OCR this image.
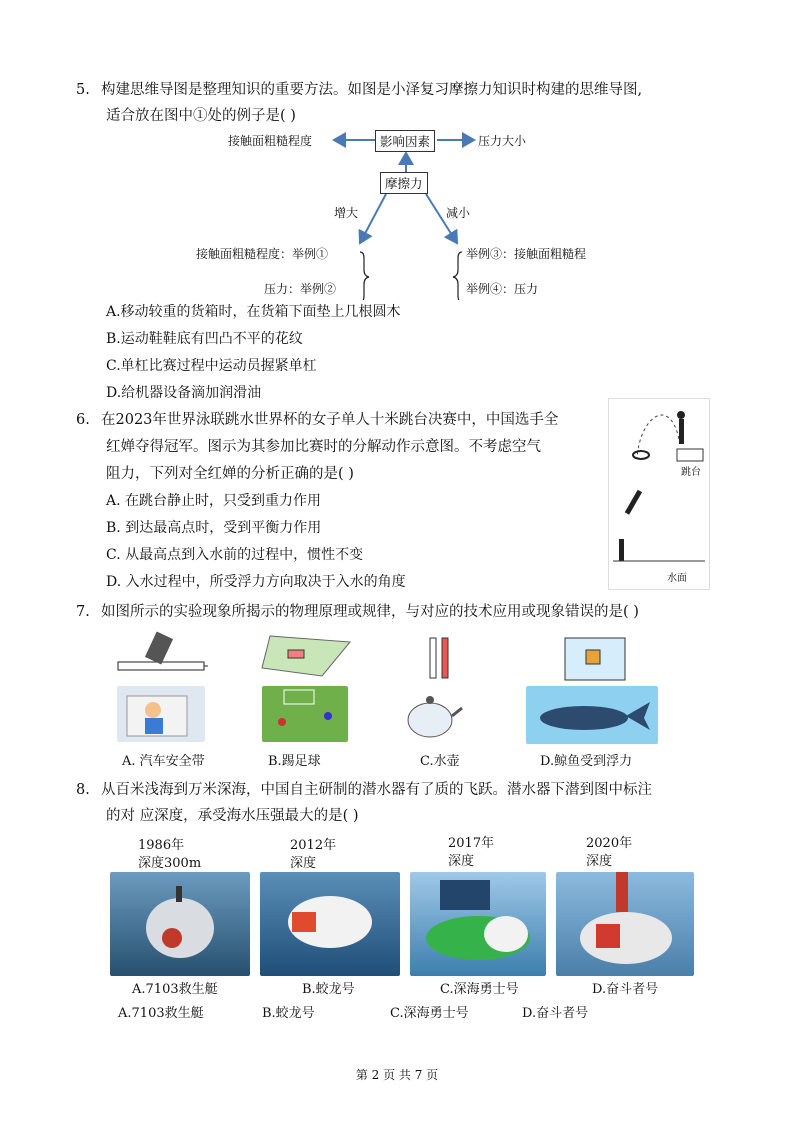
5. 构建思维导图是整理知识的重要方法。如图是小泽复习摩擦力知识时构建的思维导图,
适合放在图中①处的例子是( )
接触面粗糙程度	影响因素	压力大小
摩擦力
增大	减小
接触面粗糙程度：举例①
压力：举例②
举例③：接触面粗糙程
举例④：压力
A.移动较重的货箱时，在货箱下面垫上几根圆木
B.运动鞋鞋底有凹凸不平的花纹
C.单杠比赛过程中运动员握紧单杠
D.给机器设备滴加润滑油
6. 在2023年世界泳联跳水世界杯的女子单人十米跳台决赛中，中国选手全
红婵夺得冠军。图示为其参加比赛时的分解动作示意图。不考虑空气
阻力，下列对全红婵的分析正确的是( )
A. 在跳台静止时，只受到重力作用
B. 到达最高点时，受到平衡力作用
C. 从最高点到入水前的过程中，惯性不变
D. 入水过程中，所受浮力方向取决于入水的角度
跳台
水面
7. 如图所示的实验现象所揭示的物理原理或规律，与对应的技术应用或现象错误的是( )
A. 汽车安全带	B.踢足球	C.水壶	D.鲸鱼受到浮力
8. 从百米浅海到万米深海，中国自主研制的潜水器有了质的飞跃。潜水器下潜到图中标注
的对 应深度，承受海水压强最大的是( )
1986年
深度300m
2012年
深度
2017年
深度
2020年
深度
A.7103救生艇	B.蛟龙号	C.深海勇士号	D.奋斗者号
A.7103救生艇	B.蛟龙号	C.深海勇士号	D.奋斗者号
第 2 页 共 7 页
